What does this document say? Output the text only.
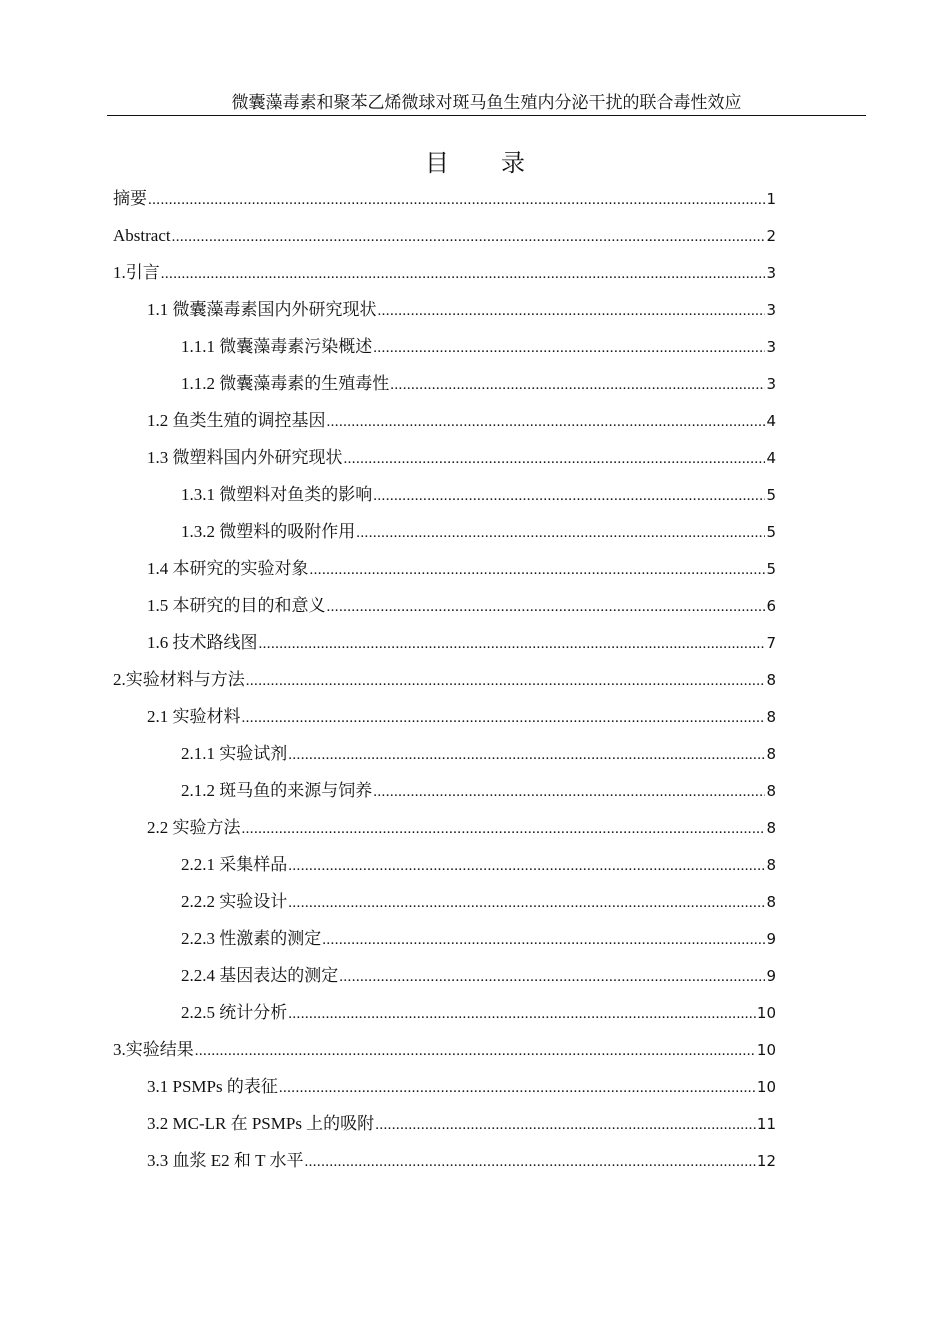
微囊藻毒素和聚苯乙烯微球对斑马鱼生殖内分泌干扰的联合毒性效应
目 录
摘要 .....	1
Abstract .....	2
1.引言 .....	3
1.1 微囊藻毒素国内外研究现状 .....	3
1.1.1 微囊藻毒素污染概述 .....	3
1.1.2 微囊藻毒素的生殖毒性 .....	3
1.2 鱼类生殖的调控基因 .....	4
1.3 微塑料国内外研究现状 .....	4
1.3.1 微塑料对鱼类的影响 .....	5
1.3.2 微塑料的吸附作用 .....	5
1.4 本研究的实验对象 .....	5
1.5 本研究的目的和意义 .....	6
1.6 技术路线图 .....	7
2.实验材料与方法 .....	8
2.1 实验材料 .....	8
2.1.1 实验试剂 .....	8
2.1.2 斑马鱼的来源与饲养 .....	8
2.2 实验方法 .....	8
2.2.1 采集样品 .....	8
2.2.2 实验设计 .....	8
2.2.3 性激素的测定 .....	9
2.2.4 基因表达的测定 .....	9
2.2.5 统计分析 .....	10
3.实验结果 .....	10
3.1 PSMPs 的表征 .....	10
3.2 MC-LR 在 PSMPs 上的吸附 .....	11
3.3 血浆 E2 和 T 水平 .....	12
